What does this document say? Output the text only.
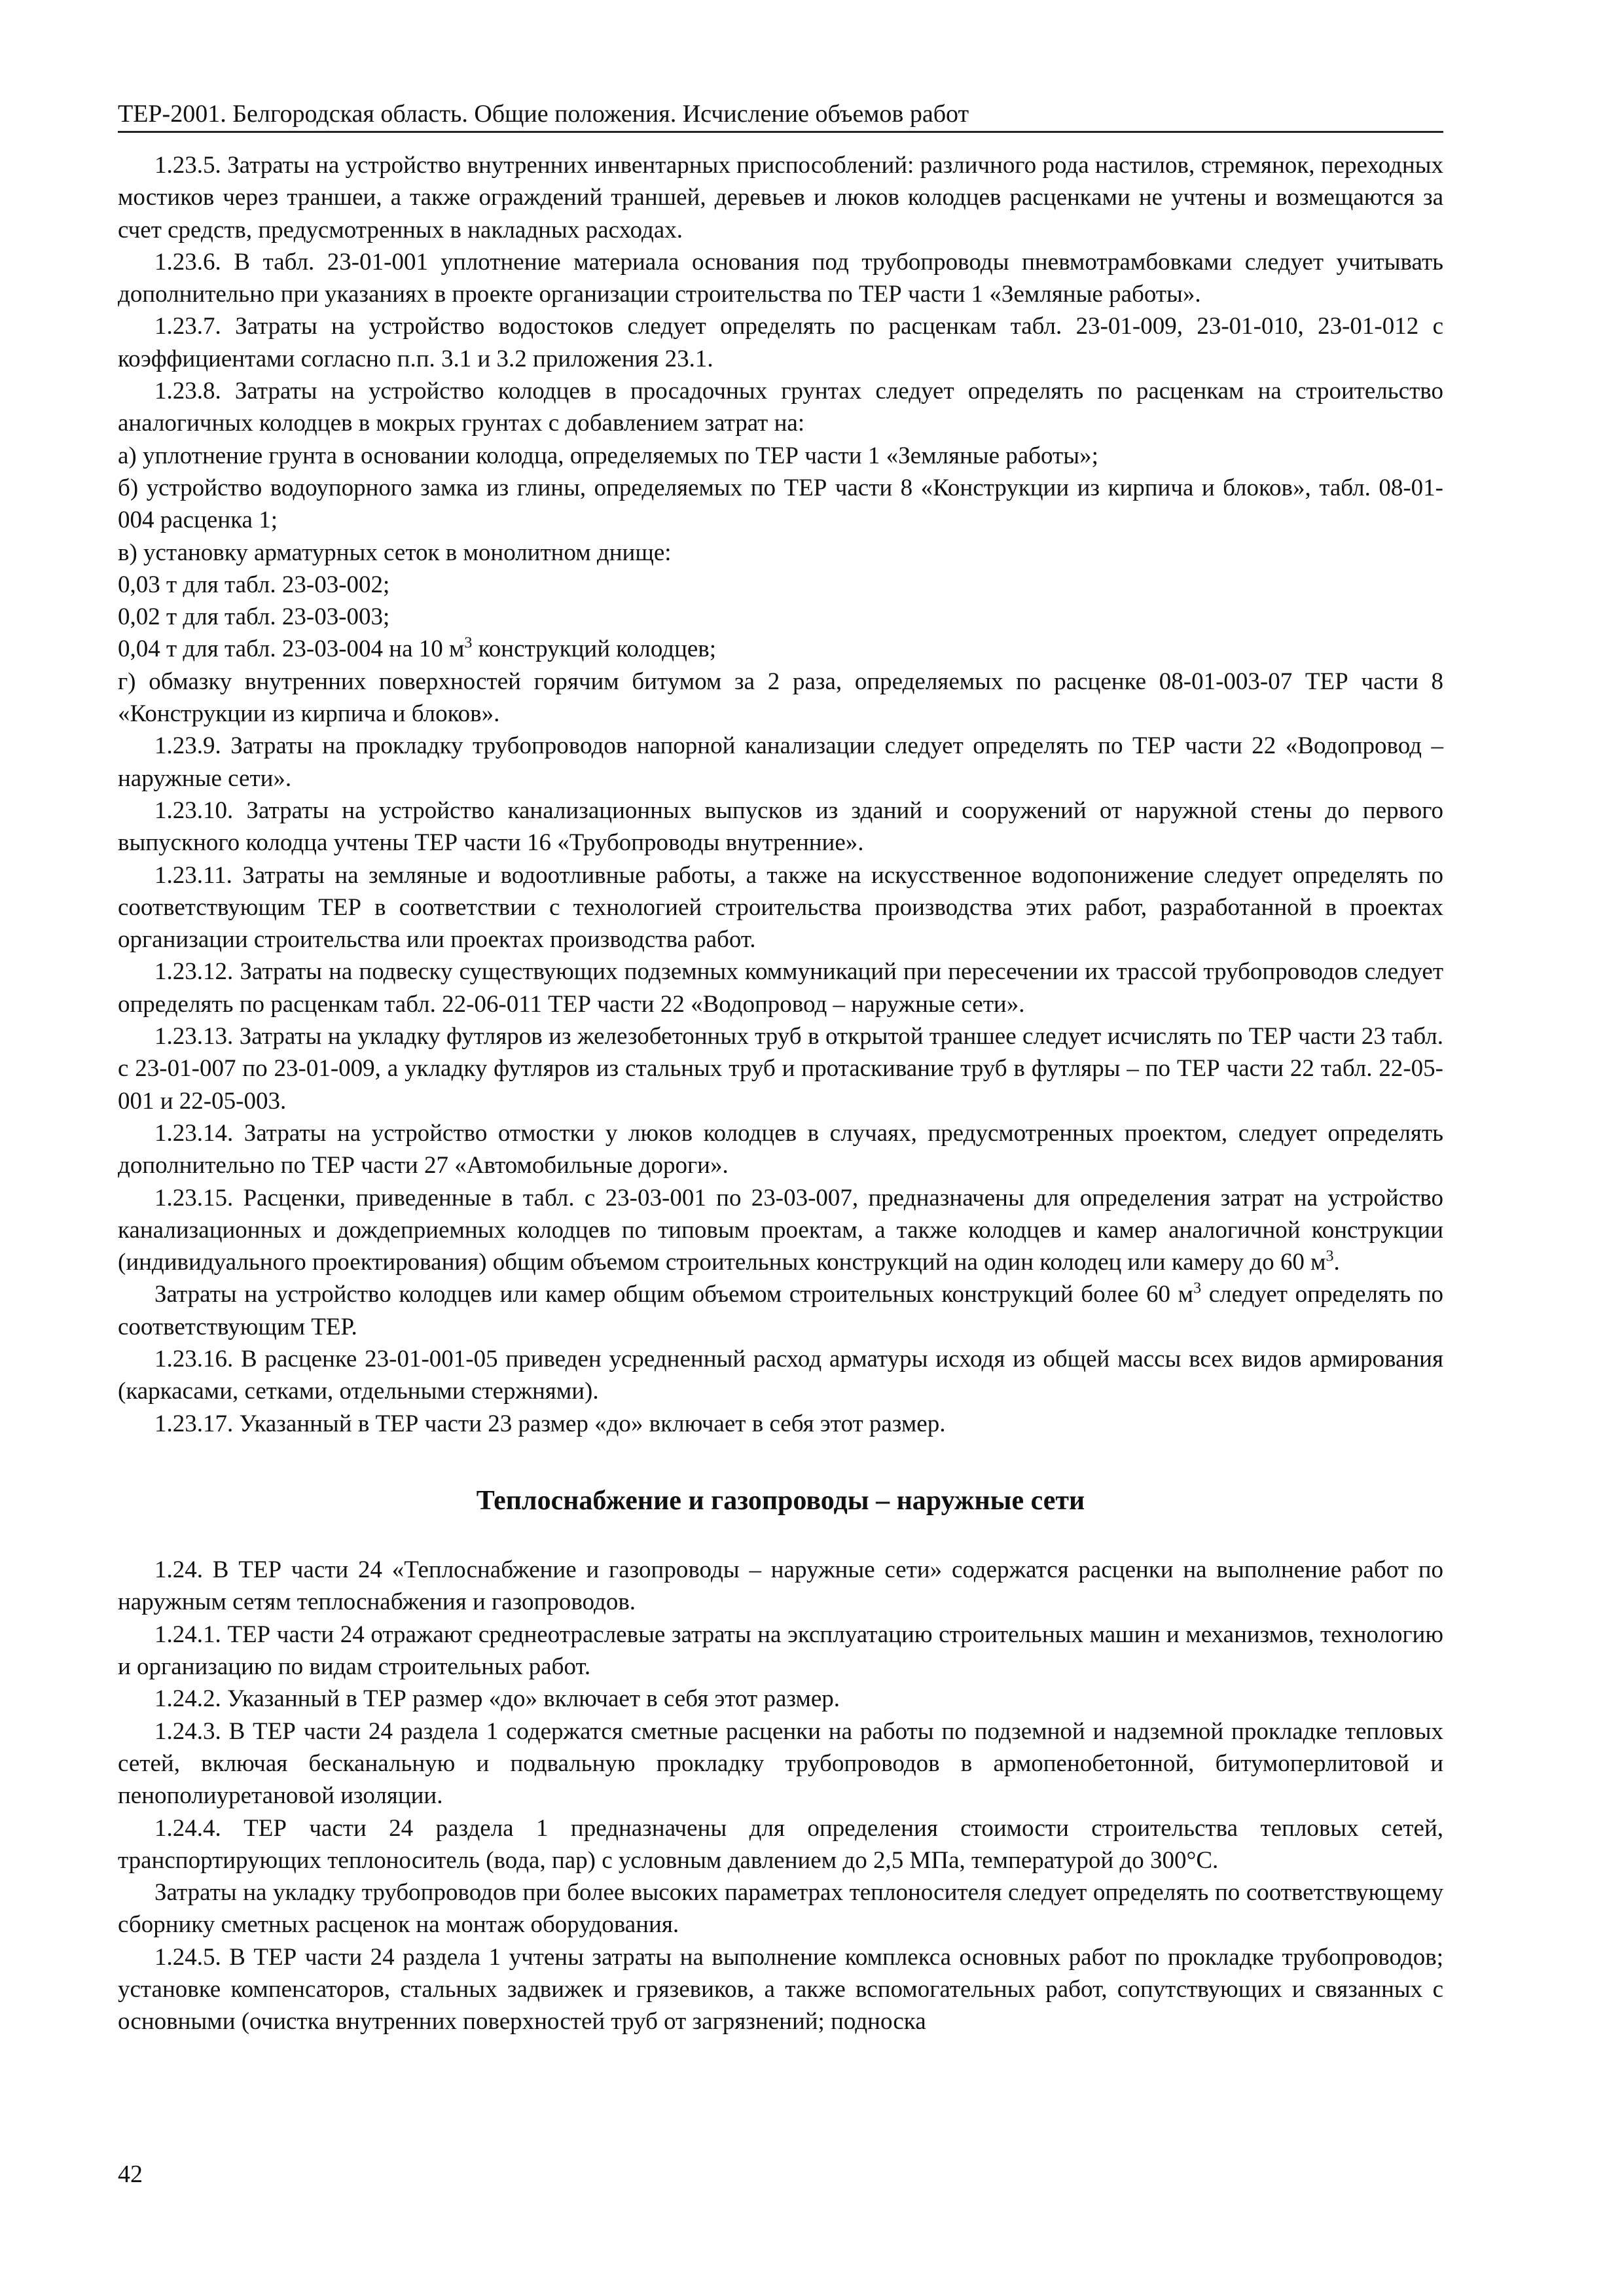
ТЕР-2001. Белгородская область. Общие положения. Исчисление объемов работ

1.23.5. Затраты на устройство внутренних инвентарных приспособлений: различного рода настилов, стремянок, переходных мостиков через траншеи, а также ограждений траншей, деревьев и люков колодцев расценками не учтены и возмещаются за счет средств, предусмотренных в накладных расходах.

1.23.6. В табл. 23-01-001 уплотнение материала основания под трубопроводы пневмотрамбовками следует учитывать дополнительно при указаниях в проекте организации строительства по ТЕР части 1 «Земляные работы».

1.23.7. Затраты на устройство водостоков следует определять по расценкам табл. 23-01-009, 23-01-010, 23-01-012 с коэффициентами согласно п.п. 3.1 и 3.2 приложения 23.1.

1.23.8. Затраты на устройство колодцев в просадочных грунтах следует определять по расценкам на строительство аналогичных колодцев в мокрых грунтах с добавлением затрат на:

а) уплотнение грунта в основании колодца, определяемых по ТЕР части 1 «Земляные работы»;

б) устройство водоупорного замка из глины, определяемых по ТЕР части 8 «Конструкции из кирпича и блоков», табл. 08-01-004 расценка 1;

в) установку арматурных сеток в монолитном днище:

0,03 т для табл. 23-03-002;

0,02 т для табл. 23-03-003;

0,04 т для табл. 23-03-004 на 10 $м^3$ конструкций колодцев;

г) обмазку внутренних поверхностей горячим битумом за 2 раза, определяемых по расценке 08-01-003-07 ТЕР части 8 «Конструкции из кирпича и блоков».

1.23.9. Затраты на прокладку трубопроводов напорной канализации следует определять по ТЕР части 22 «Водопровод – наружные сети».

1.23.10. Затраты на устройство канализационных выпусков из зданий и сооружений от наружной стены до первого выпускного колодца учтены ТЕР части 16 «Трубопроводы внутренние».

1.23.11. Затраты на земляные и водоотливные работы, а также на искусственное водопонижение следует определять по соответствующим ТЕР в соответствии с технологией строительства производства этих работ, разработанной в проектах организации строительства или проектах производства работ.

1.23.12. Затраты на подвеску существующих подземных коммуникаций при пересечении их трассой трубопроводов следует определять по расценкам табл. 22-06-011 ТЕР части 22 «Водопровод – наружные сети».

1.23.13. Затраты на укладку футляров из железобетонных труб в открытой траншее следует исчислять по ТЕР части 23 табл. с 23-01-007 по 23-01-009, а укладку футляров из стальных труб и протаскивание труб в футляры – по ТЕР части 22 табл. 22-05-001 и 22-05-003.

1.23.14. Затраты на устройство отмостки у люков колодцев в случаях, предусмотренных проектом, следует определять дополнительно по ТЕР части 27 «Автомобильные дороги».

1.23.15. Расценки, приведенные в табл. с 23-03-001 по 23-03-007, предназначены для определения затрат на устройство канализационных и дождеприемных колодцев по типовым проектам, а также колодцев и камер аналогичной конструкции (индивидуального проектирования) общим объемом строительных конструкций на один колодец или камеру до 60 $м^3$.

Затраты на устройство колодцев или камер общим объемом строительных конструкций более 60 $м^3$ следует определять по соответствующим ТЕР.

1.23.16. В расценке 23-01-001-05 приведен усредненный расход арматуры исходя из общей массы всех видов армирования (каркасами, сетками, отдельными стержнями).

1.23.17. Указанный в ТЕР части 23 размер «до» включает в себя этот размер.

Теплоснабжение и газопроводы – наружные сети

1.24. В ТЕР части 24 «Теплоснабжение и газопроводы – наружные сети» содержатся расценки на выполнение работ по наружным сетям теплоснабжения и газопроводов.

1.24.1. ТЕР части 24 отражают среднеотраслевые затраты на эксплуатацию строительных машин и механизмов, технологию и организацию по видам строительных работ.

1.24.2. Указанный в ТЕР размер «до» включает в себя этот размер.

1.24.3. В ТЕР части 24 раздела 1 содержатся сметные расценки на работы по подземной и надземной прокладке тепловых сетей, включая бесканальную и подвальную прокладку трубопроводов в армопенобетонной, битумоперлитовой и пенополиуретановой изоляции.

1.24.4. ТЕР части 24 раздела 1 предназначены для определения стоимости строительства тепловых сетей, транспортирующих теплоноситель (вода, пар) с условным давлением до 2,5 МПа, температурой до 300°С.

Затраты на укладку трубопроводов при более высоких параметрах теплоносителя следует определять по соответствующему сборнику сметных расценок на монтаж оборудования.

1.24.5. В ТЕР части 24 раздела 1 учтены затраты на выполнение комплекса основных работ по прокладке трубопроводов; установке компенсаторов, стальных задвижек и грязевиков, а также вспомогательных работ, сопутствующих и связанных с основными (очистка внутренних поверхностей труб от загрязнений; подноска

42
